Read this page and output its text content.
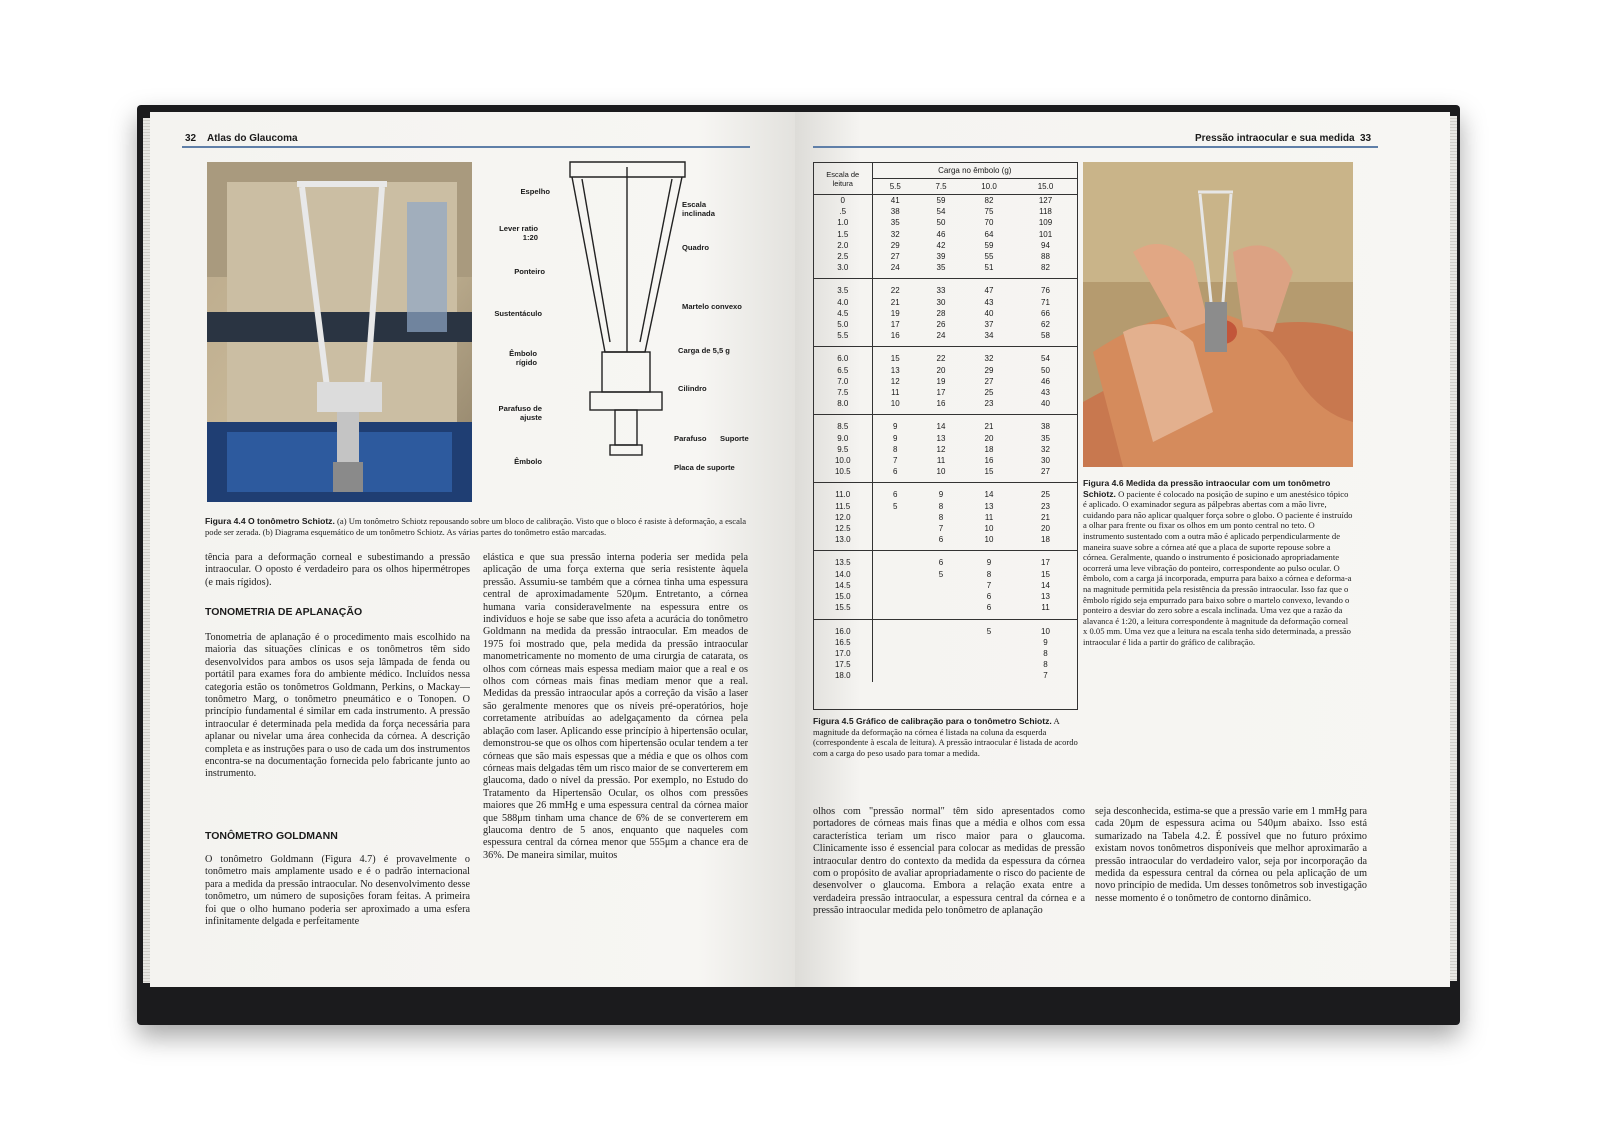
32 Atlas do Glaucoma
Espelho
Lever ratio 1:20
Ponteiro
Sustentáculo
Êmbolo rígido
Parafuso de ajuste
Êmbolo
Escala inclinada
Quadro
Martelo convexo
Carga de 5,5 g
Cilindro
Parafuso	Suporte
Placa de suporte
Figura 4.4 O tonômetro Schiotz. (a) Um tonômetro Schiotz repousando sobre um bloco de calibração. Visto que o bloco é rasiste à deformação, a escala pode ser zerada. (b) Diagrama esquemático de um tonômetro Schiotz. As várias partes do tonômetro estão marcadas.

tência para a deformação corneal e subestimando a pressão intraocular. O oposto é verdadeiro para os olhos hipermétropes (e mais rígidos).

TONOMETRIA DE APLANAÇÃO

Tonometria de aplanação é o procedimento mais escolhido na maioria das situações clínicas e os tonômetros têm sido desenvolvidos para ambos os usos seja lâmpada de fenda ou portátil para exames fora do ambiente médico. Incluídos nessa categoria estão os tonômetros Goldmann, Perkins, o Mackay—tonômetro Marg, o tonômetro pneumático e o Tonopen. O princípio fundamental é similar em cada instrumento. A pressão intraocular é determinada pela medida da força necessária para aplanar ou nivelar uma área conhecida da córnea. A descrição completa e as instruções para o uso de cada um dos instrumentos encontra-se na documentação fornecida pelo fabricante junto ao instrumento.

TONÔMETRO GOLDMANN

O tonômetro Goldmann (Figura 4.7) é provavelmente o tonômetro mais amplamente usado e é o padrão internacional para a medida da pressão intraocular. No desenvolvimento desse tonômetro, um número de suposições foram feitas. A primeira foi que o olho humano poderia ser aproximado a uma esfera infinitamente delgada e perfeitamente

elástica e que sua pressão interna poderia ser medida pela aplicação de uma força externa que seria resistente àquela pressão. Assumiu-se também que a córnea tinha uma espessura central de aproximadamente 520μm. Entretanto, a córnea humana varia consideravelmente na espessura entre os indivíduos e hoje se sabe que isso afeta a acurácia do tonômetro Goldmann na medida da pressão intraocular. Em meados de 1975 foi mostrado que, pela medida da pressão intraocular manometricamente no momento de uma cirurgia de catarata, os olhos com córneas mais espessa mediam maior que a real e os olhos com córneas mais finas mediam menor que a real. Medidas da pressão intraocular após a correção da visão a laser são geralmente menores que os níveis pré-operatórios, hoje corretamente atribuídas ao adelgaçamento da córnea pela ablação com laser. Aplicando esse princípio à hipertensão ocular, demonstrou-se que os olhos com hipertensão ocular tendem a ter córneas que são mais espessas que a média e que os olhos com córneas mais delgadas têm um risco maior de se converterem em glaucoma, dado o nível da pressão. Por exemplo, no Estudo do Tratamento da Hipertensão Ocular, os olhos com pressões maiores que 26 mmHg e uma espessura central da córnea maior que 588μm tinham uma chance de 6% de se converterem em glaucoma dentro de 5 anos, enquanto que naqueles com espessura central da córnea menor que 555μm a chance era de 36%. De maneira similar, muitos

Pressão intraocular e sua medida 33
Escala de leitura	Carga no êmbolo (g)			
	5.5	7.5	10.0	15.0
0	41	59	82	127
.5	38	54	75	118
1.0	35	50	70	109
1.5	32	46	64	101
2.0	29	42	59	94
2.5	27	39	55	88
3.0	24	35	51	82
3.5	22	33	47	76
4.0	21	30	43	71
4.5	19	28	40	66
5.0	17	26	37	62
5.5	16	24	34	58
6.0	15	22	32	54
6.5	13	20	29	50
7.0	12	19	27	46
7.5	11	17	25	43
8.0	10	16	23	40
8.5	9	14	21	38
9.0	9	13	20	35
9.5	8	12	18	32
10.0	7	11	16	30
10.5	6	10	15	27
11.0	6	9	14	25
11.5	5	8	13	23
12.0		8	11	21
12.5		7	10	20
13.0		6	10	18
13.5		6	9	17
14.0		5	8	15
14.5			7	14
15.0			6	13
15.5			6	11
16.0			5	10
16.5				9
17.0				8
17.5				8
18.0				7
Figura 4.5 Gráfico de calibração para o tonômetro Schiotz. A magnitude da deformação na córnea é listada na coluna da esquerda (correspondente à escala de leitura). A pressão intraocular é listada de acordo com a carga do peso usado para tomar a medida.
Figura 4.6 Medida da pressão intraocular com um tonômetro Schiotz. O paciente é colocado na posição de supino e um anestésico tópico é aplicado. O examinador segura as pálpebras abertas com a mão livre, cuidando para não aplicar qualquer força sobre o globo. O paciente é instruído a olhar para frente ou fixar os olhos em um ponto central no teto. O instrumento sustentado com a outra mão é aplicado perpendicularmente de maneira suave sobre a córnea até que a placa de suporte repouse sobre a córnea. Geralmente, quando o instrumento é posicionado apropriadamente ocorrerá uma leve vibração do ponteiro, correspondente ao pulso ocular. O êmbolo, com a carga já incorporada, empurra para baixo a córnea e deforma-a na magnitude permitida pela resistência da pressão intraocular. Isso faz que o êmbolo rígido seja empurrado para baixo sobre o martelo convexo, levando o ponteiro a desviar do zero sobre a escala inclinada. Uma vez que a razão da alavanca é 1:20, a leitura correspondente à magnitude da deformação corneal x 0.05 mm. Uma vez que a leitura na escala tenha sido determinada, a pressão intraocular é lida a partir do gráfico de calibração.

olhos com "pressão normal" têm sido apresentados como portadores de córneas mais finas que a média e olhos com essa característica teriam um risco maior para o glaucoma. Clinicamente isso é essencial para colocar as medidas de pressão intraocular dentro do contexto da medida da espessura da córnea com o propósito de avaliar apropriadamente o risco do paciente de desenvolver o glaucoma. Embora a relação exata entre a verdadeira pressão intraocular, a espessura central da córnea e a pressão intraocular medida pelo tonômetro de aplanação

seja desconhecida, estima-se que a pressão varie em 1 mmHg para cada 20μm de espessura acima ou 540μm abaixo. Isso está sumarizado na Tabela 4.2. É possível que no futuro próximo existam novos tonômetros disponíveis que melhor aproximarão a pressão intraocular do verdadeiro valor, seja por incorporação da medida da espessura central da córnea ou pela aplicação de um novo princípio de medida. Um desses tonômetros sob investigação nesse momento é o tonômetro de contorno dinâmico.
